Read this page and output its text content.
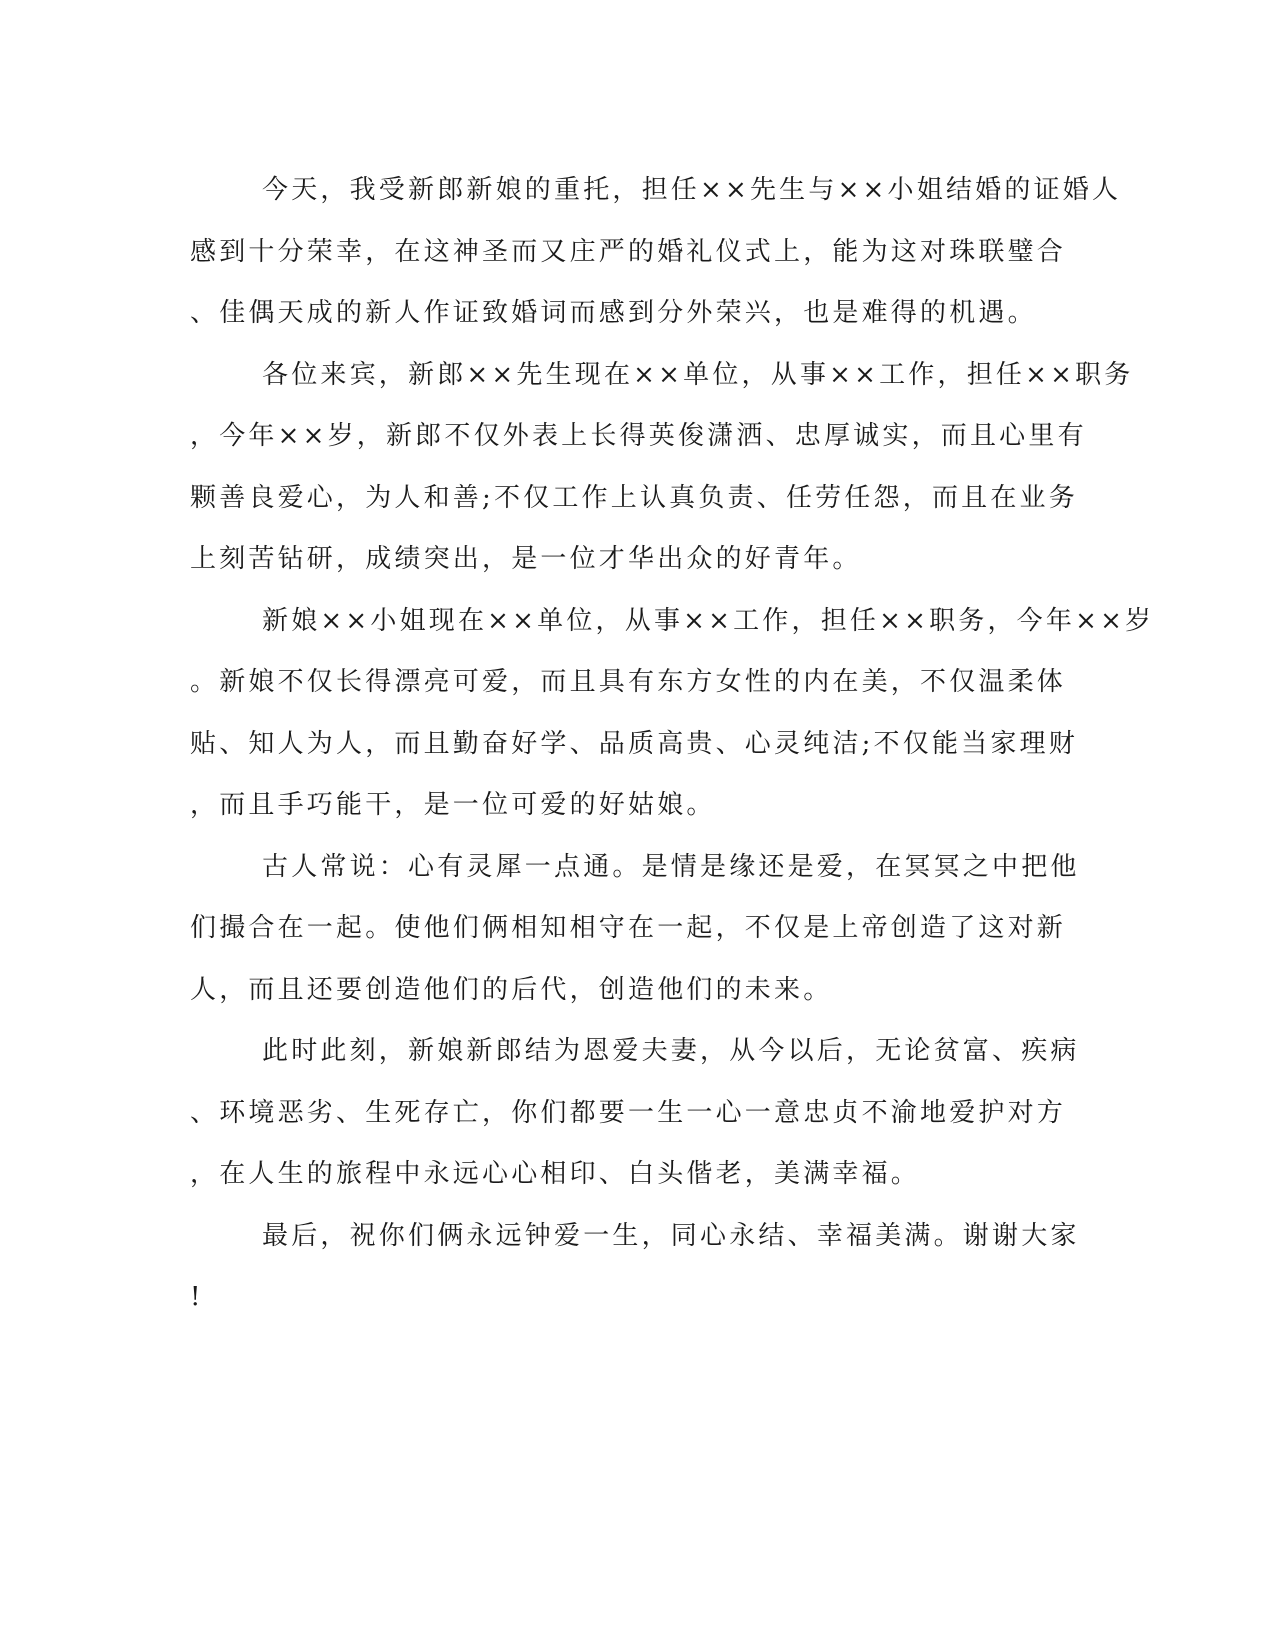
今天，我受新郎新娘的重托，担任××先生与××小姐结婚的证婚人
感到十分荣幸，在这神圣而又庄严的婚礼仪式上，能为这对珠联璧合
、佳偶天成的新人作证致婚词而感到分外荣兴，也是难得的机遇。
各位来宾，新郎××先生现在××单位，从事××工作，担任××职务
，今年××岁，新郎不仅外表上长得英俊潇洒、忠厚诚实，而且心里有
颗善良爱心，为人和善;不仅工作上认真负责、任劳任怨，而且在业务
上刻苦钻研，成绩突出，是一位才华出众的好青年。
新娘××小姐现在××单位，从事××工作，担任××职务，今年××岁
。新娘不仅长得漂亮可爱，而且具有东方女性的内在美，不仅温柔体
贴、知人为人，而且勤奋好学、品质高贵、心灵纯洁;不仅能当家理财
，而且手巧能干，是一位可爱的好姑娘。
古人常说：心有灵犀一点通。是情是缘还是爱，在冥冥之中把他
们撮合在一起。使他们俩相知相守在一起，不仅是上帝创造了这对新
人，而且还要创造他们的后代，创造他们的未来。
此时此刻，新娘新郎结为恩爱夫妻，从今以后，无论贫富、疾病
、环境恶劣、生死存亡，你们都要一生一心一意忠贞不渝地爱护对方
，在人生的旅程中永远心心相印、白头偕老，美满幸福。
最后，祝你们俩永远钟爱一生，同心永结、幸福美满。谢谢大家
!
